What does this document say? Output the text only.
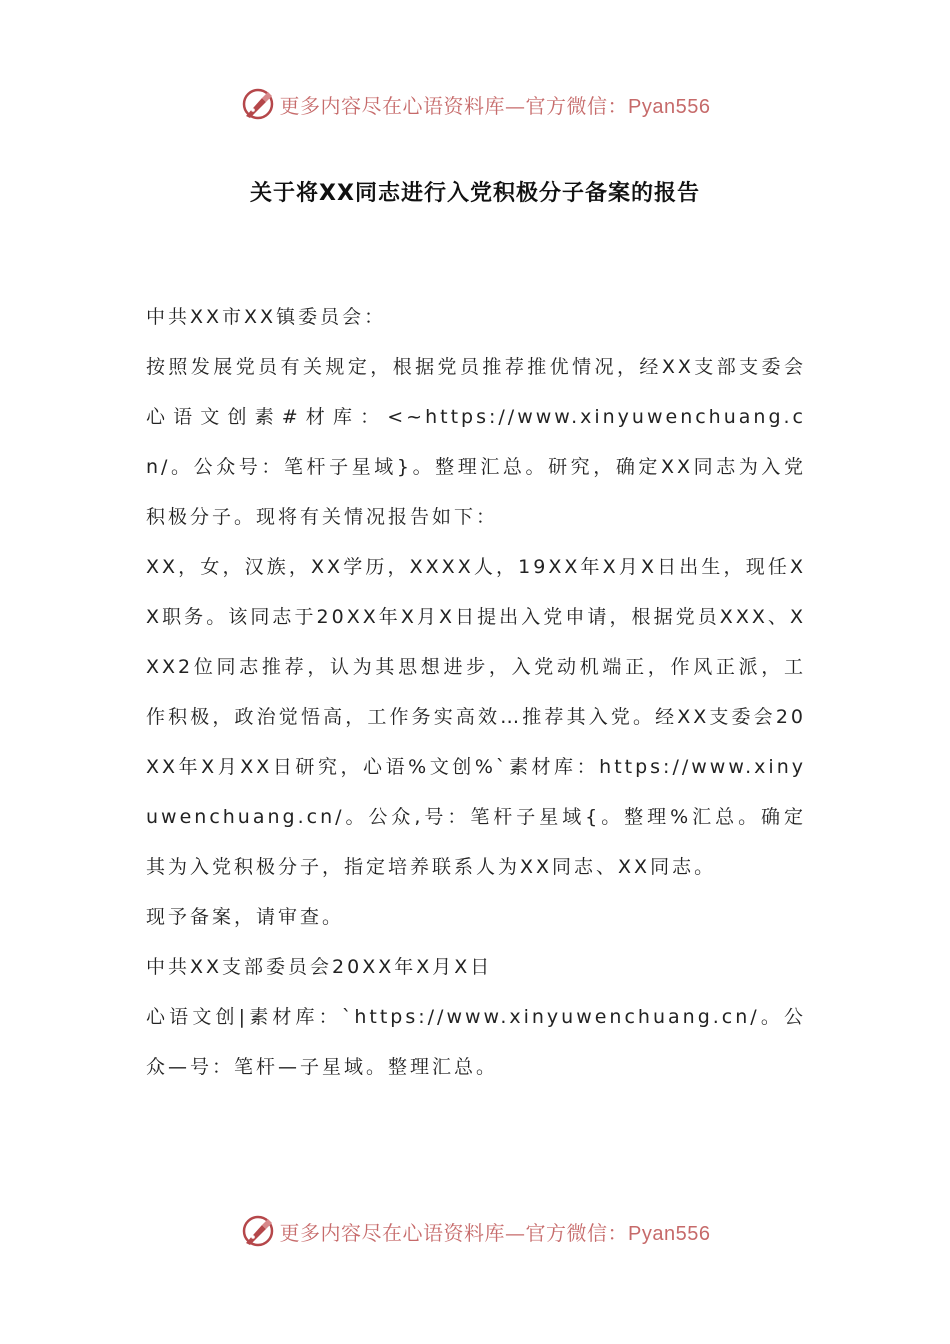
更多内容尽在心语资料库—官方微信：Pyan556
关于将XX同志进行入党积极分子备案的报告

中共XX市XX镇委员会：

按照发展党员有关规定，根据党员推荐推优情况，经XX支部支委会心语文创素#材库：<~https://www.xinyuwenchuang.cn/。公众号：笔杆子星域}。整理汇总。研究，确定XX同志为入党积极分子。现将有关情况报告如下：

XX，女，汉族，XX学历，XXXX人，19XX年X月X日出生，现任XX职务。该同志于20XX年X月X日提出入党申请，根据党员XXX、XXX2位同志推荐，认为其思想进步，入党动机端正，作风正派，工作积极，政治觉悟高，工作务实高效…推荐其入党。经XX支委会20XX年X月XX日研究，心语%文创%`素材库：https://www.xinyuwenchuang.cn/。公众,号：笔杆子星域{。整理%汇总。确定其为入党积极分子，指定培养联系人为XX同志、XX同志。

现予备案，请审查。

中共XX支部委员会20XX年X月X日

心语文创|素材库：`https://www.xinyuwenchuang.cn/。公众—号：笔杆—子星域。整理汇总。

更多内容尽在心语资料库—官方微信：Pyan556
